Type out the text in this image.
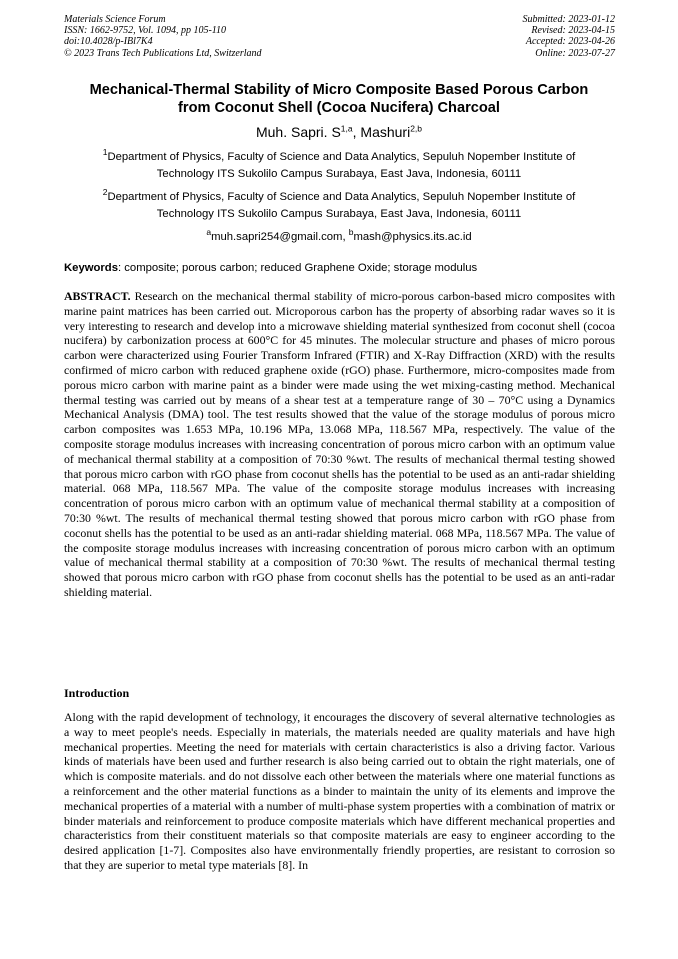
Materials Science Forum
ISSN: 1662-9752, Vol. 1094, pp 105-110
doi:10.4028/p-IBl7K4
© 2023 Trans Tech Publications Ltd, Switzerland
Submitted: 2023-01-12
Revised: 2023-04-15
Accepted: 2023-04-26
Online: 2023-07-27
Mechanical-Thermal Stability of Micro Composite Based Porous Carbon
from Coconut Shell (Cocoa Nucifera) Charcoal
Muh. Sapri. S$^{1,a}$, Mashuri$^{2,b}$
$^1$Department of Physics, Faculty of Science and Data Analytics, Sepuluh Nopember Institute of
Technology ITS Sukolilo Campus Surabaya, East Java, Indonesia, 60111
$^2$Department of Physics, Faculty of Science and Data Analytics, Sepuluh Nopember Institute of
Technology ITS Sukolilo Campus Surabaya, East Java, Indonesia, 60111
$^a$muh.sapri254@gmail.com, $^b$mash@physics.its.ac.id
Keywords: composite; porous carbon; reduced Graphene Oxide; storage modulus
ABSTRACT. Research on the mechanical thermal stability of micro-porous carbon-based micro composites with marine paint matrices has been carried out. Microporous carbon has the property of absorbing radar waves so it is very interesting to research and develop into a microwave shielding material synthesized from coconut shell (cocoa nucifera) by carbonization process at 600°C for 45 minutes. The molecular structure and phases of micro porous carbon were characterized using Fourier Transform Infrared (FTIR) and X-Ray Diffraction (XRD) with the results confirmed of micro carbon with reduced graphene oxide (rGO) phase. Furthermore, micro-composites made from porous micro carbon with marine paint as a binder were made using the wet mixing-casting method. Mechanical thermal testing was carried out by means of a shear test at a temperature range of 30 – 70°C using a Dynamics Mechanical Analysis (DMA) tool. The test results showed that the value of the storage modulus of porous micro carbon composites was 1.653 MPa, 10.196 MPa, 13.068 MPa, 118.567 MPa, respectively. The value of the composite storage modulus increases with increasing concentration of porous micro carbon with an optimum value of mechanical thermal stability at a composition of 70:30 %wt. The results of mechanical thermal testing showed that porous micro carbon with rGO phase from coconut shells has the potential to be used as an anti-radar shielding material. 068 MPa, 118.567 MPa. The value of the composite storage modulus increases with increasing concentration of porous micro carbon with an optimum value of mechanical thermal stability at a composition of 70:30 %wt. The results of mechanical thermal testing showed that porous micro carbon with rGO phase from coconut shells has the potential to be used as an anti-radar shielding material. 068 MPa, 118.567 MPa. The value of the composite storage modulus increases with increasing concentration of porous micro carbon with an optimum value of mechanical thermal stability at a composition of 70:30 %wt. The results of mechanical thermal testing showed that porous micro carbon with rGO phase from coconut shells has the potential to be used as an anti-radar shielding material.
Introduction
Along with the rapid development of technology, it encourages the discovery of several alternative technologies as a way to meet people's needs. Especially in materials, the materials needed are quality materials and have high mechanical properties. Meeting the need for materials with certain characteristics is also a driving factor. Various kinds of materials have been used and further research is also being carried out to obtain the right materials, one of which is composite materials. and do not dissolve each other between the materials where one material functions as a reinforcement and the other material functions as a binder to maintain the unity of its elements and improve the mechanical properties of a material with a number of multi-phase system properties with a combination of matrix or binder materials and reinforcement to produce composite materials which have different mechanical properties and characteristics from their constituent materials so that composite materials are easy to engineer according to the desired application [1-7]. Composites also have environmentally friendly properties, are resistant to corrosion so that they are superior to metal type materials [8]. In
